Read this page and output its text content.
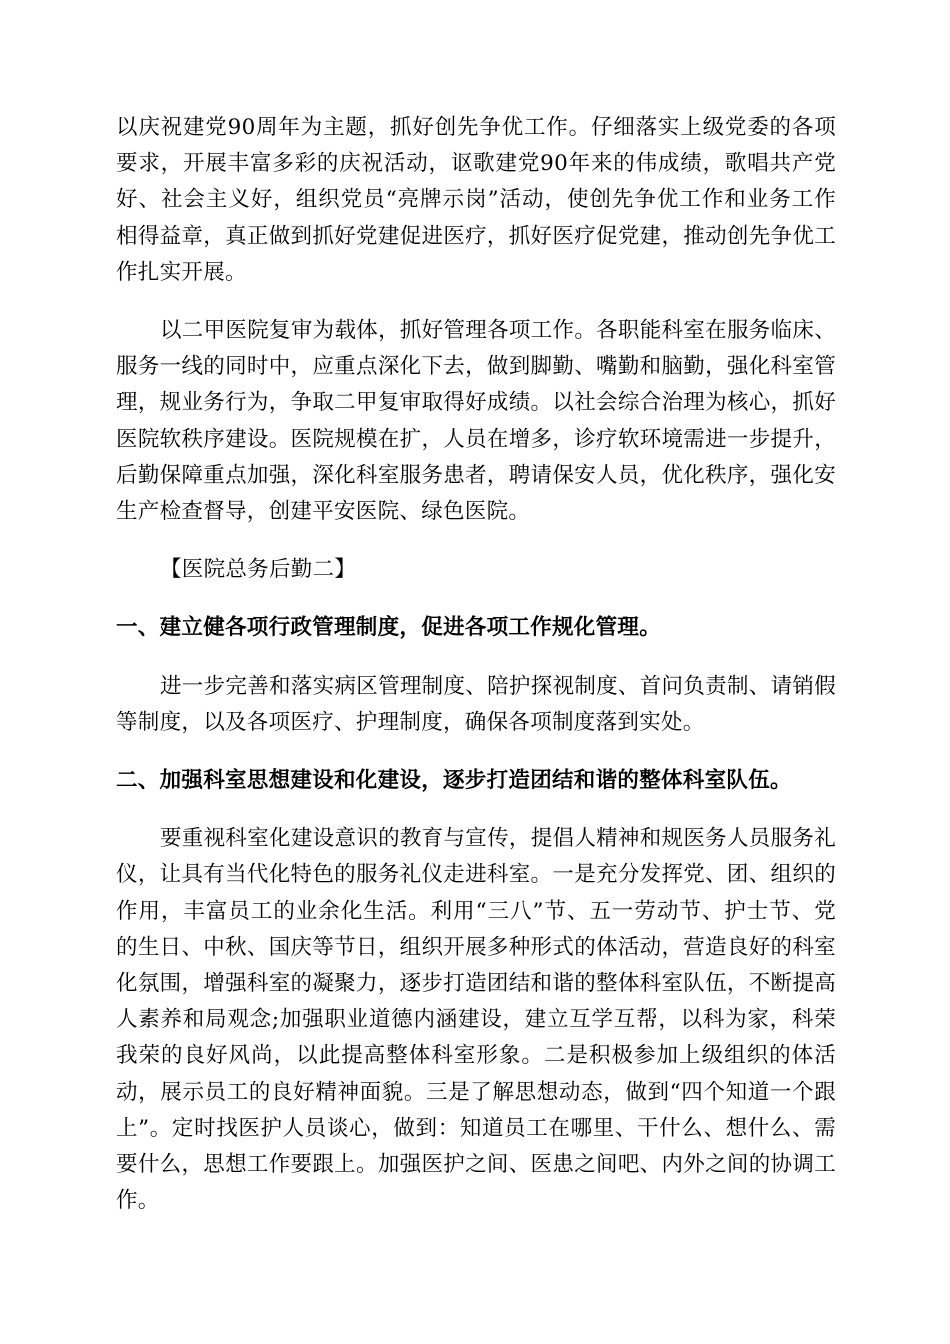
以庆祝建党90周年为主题，抓好创先争优工作。仔细落实上级党委的各项要求，开展丰富多彩的庆祝活动，讴歌建党90年来的伟成绩，歌唱共产党好、社会主义好，组织党员“亮牌示岗”活动，使创先争优工作和业务工作相得益章，真正做到抓好党建促进医疗，抓好医疗促党建，推动创先争优工作扎实开展。

以二甲医院复审为载体，抓好管理各项工作。各职能科室在服务临床、服务一线的同时中，应重点深化下去，做到脚勤、嘴勤和脑勤，强化科室管理，规业务行为，争取二甲复审取得好成绩。以社会综合治理为核心，抓好医院软秩序建设。医院规模在扩，人员在增多，诊疗软环境需进一步提升，后勤保障重点加强，深化科室服务患者，聘请保安人员，优化秩序，强化安生产检查督导，创建平安医院、绿色医院。

【医院总务后勤二】

一、建立健各项行政管理制度，促进各项工作规化管理。

进一步完善和落实病区管理制度、陪护探视制度、首问负责制、请销假等制度，以及各项医疗、护理制度，确保各项制度落到实处。

二、加强科室思想建设和化建设，逐步打造团结和谐的整体科室队伍。

要重视科室化建设意识的教育与宣传，提倡人精神和规医务人员服务礼仪，让具有当代化特色的服务礼仪走进科室。一是充分发挥党、团、组织的作用，丰富员工的业余化生活。利用“三八”节、五一劳动节、护士节、党的生日、中秋、国庆等节日，组织开展多种形式的体活动，营造良好的科室化氛围，增强科室的凝聚力，逐步打造团结和谐的整体科室队伍，不断提高人素养和局观念;加强职业道德内涵建设，建立互学互帮，以科为家，科荣我荣的良好风尚，以此提高整体科室形象。二是积极参加上级组织的体活动，展示员工的良好精神面貌。三是了解思想动态，做到“四个知道一个跟上”。定时找医护人员谈心，做到：知道员工在哪里、干什么、想什么、需要什么，思想工作要跟上。加强医护之间、医患之间吧、内外之间的协调工作。
